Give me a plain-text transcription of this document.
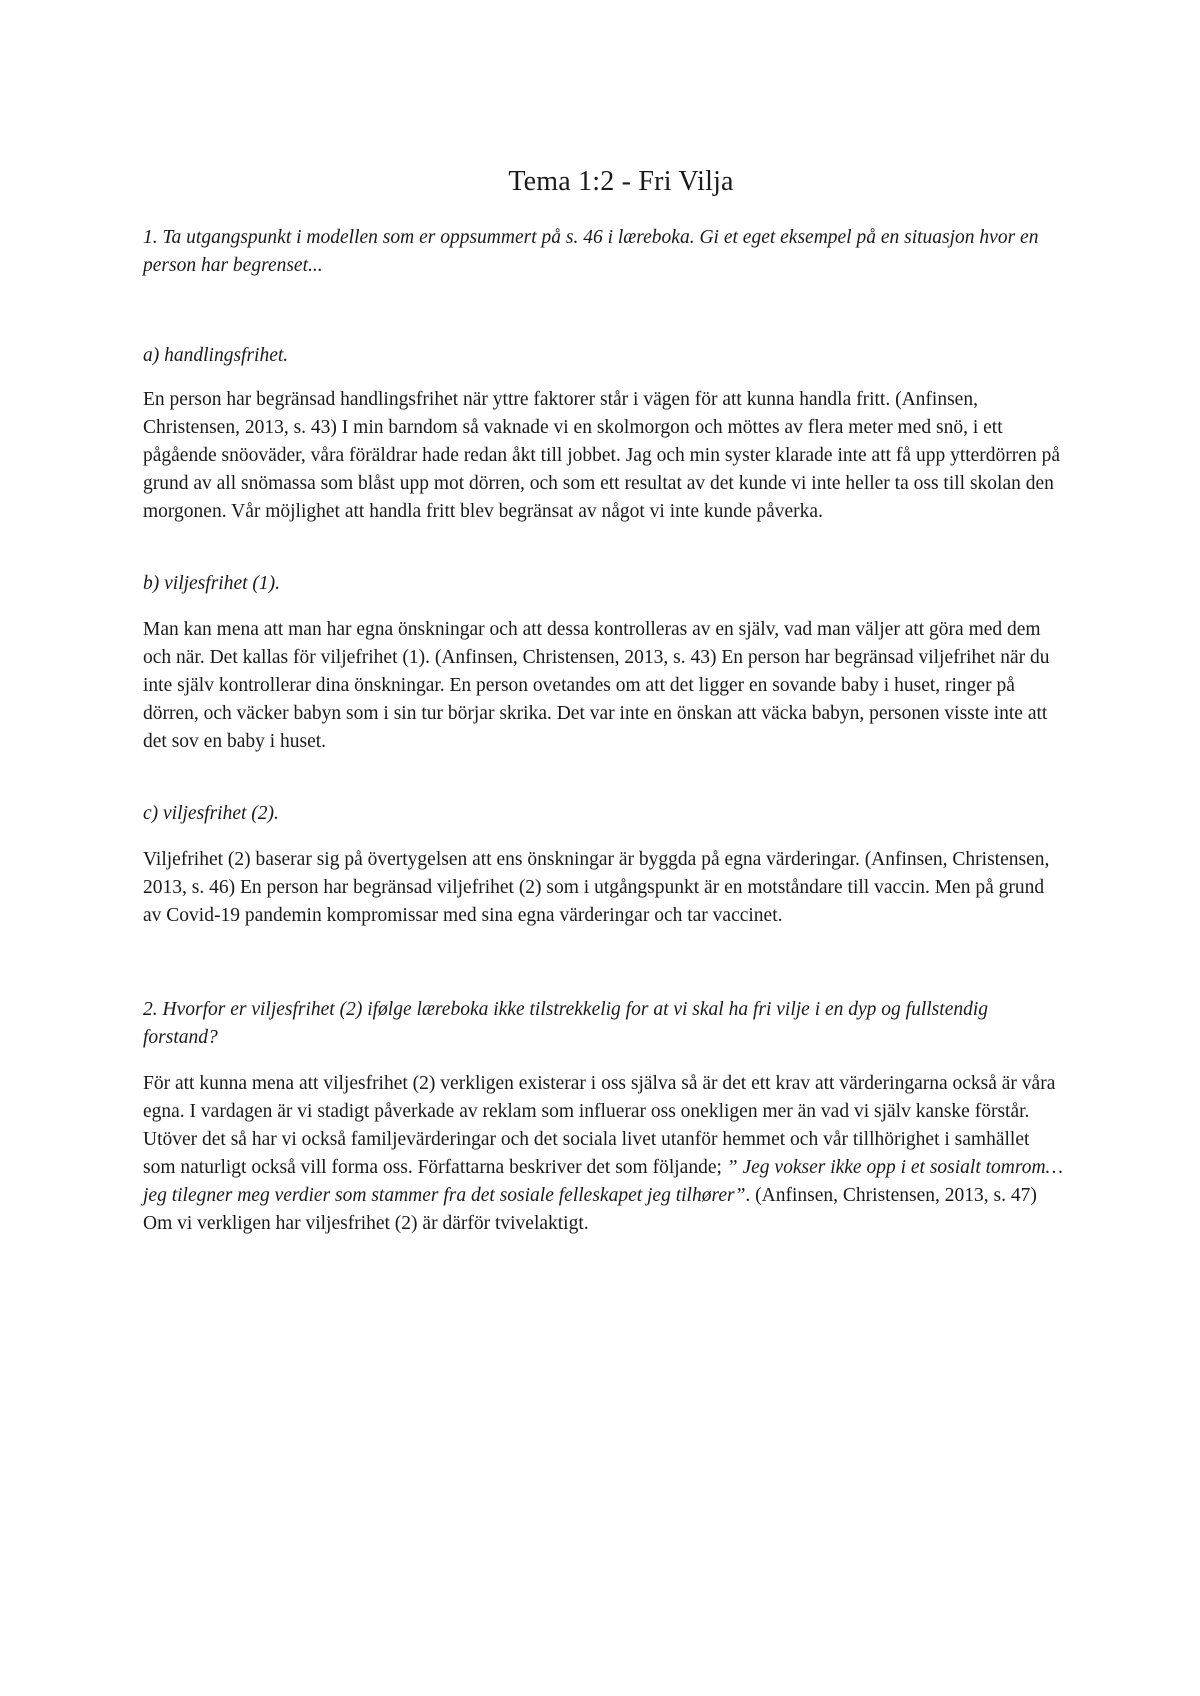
Tema 1:2 - Fri Vilja

1. Ta utgangspunkt i modellen som er oppsummert på s. 46 i læreboka. Gi et eget eksempel på en situasjon hvor en person har begrenset...

a) handlingsfrihet.

En person har begränsad handlingsfrihet när yttre faktorer står i vägen för att kunna handla fritt. (Anfinsen, Christensen, 2013, s. 43) I min barndom så vaknade vi en skolmorgon och möttes av flera meter med snö, i ett pågående snöoväder, våra föräldrar hade redan åkt till jobbet. Jag och min syster klarade inte att få upp ytterdörren på grund av all snömassa som blåst upp mot dörren, och som ett resultat av det kunde vi inte heller ta oss till skolan den morgonen. Vår möjlighet att handla fritt blev begränsat av något vi inte kunde påverka.

b) viljesfrihet (1).

Man kan mena att man har egna önskningar och att dessa kontrolleras av en själv, vad man väljer att göra med dem och när. Det kallas för viljefrihet (1). (Anfinsen, Christensen, 2013, s. 43) En person har begränsad viljefrihet när du inte själv kontrollerar dina önskningar. En person ovetandes om att det ligger en sovande baby i huset, ringer på dörren, och väcker babyn som i sin tur börjar skrika. Det var inte en önskan att väcka babyn, personen visste inte att det sov en baby i huset.

c) viljesfrihet (2).

Viljefrihet (2) baserar sig på övertygelsen att ens önskningar är byggda på egna värderingar. (Anfinsen, Christensen, 2013, s. 46) En person har begränsad viljefrihet (2) som i utgångspunkt är en motståndare till vaccin. Men på grund av Covid-19 pandemin kompromissar med sina egna värderingar och tar vaccinet.

2. Hvorfor er viljesfrihet (2) ifølge læreboka ikke tilstrekkelig for at vi skal ha fri vilje i en dyp og fullstendig forstand?

För att kunna mena att viljesfrihet (2) verkligen existerar i oss själva så är det ett krav att värderingarna också är våra egna. I vardagen är vi stadigt påverkade av reklam som influerar oss onekligen mer än vad vi själv kanske förstår. Utöver det så har vi också familjevärderingar och det sociala livet utanför hemmet och vår tillhörighet i samhället som naturligt också vill forma oss. Författarna beskriver det som följande; ” Jeg vokser ikke opp i et sosialt tomrom… jeg tilegner meg verdier som stammer fra det sosiale felleskapet jeg tilhører”. (Anfinsen, Christensen, 2013, s. 47) Om vi verkligen har viljesfrihet (2) är därför tvivelaktigt.
